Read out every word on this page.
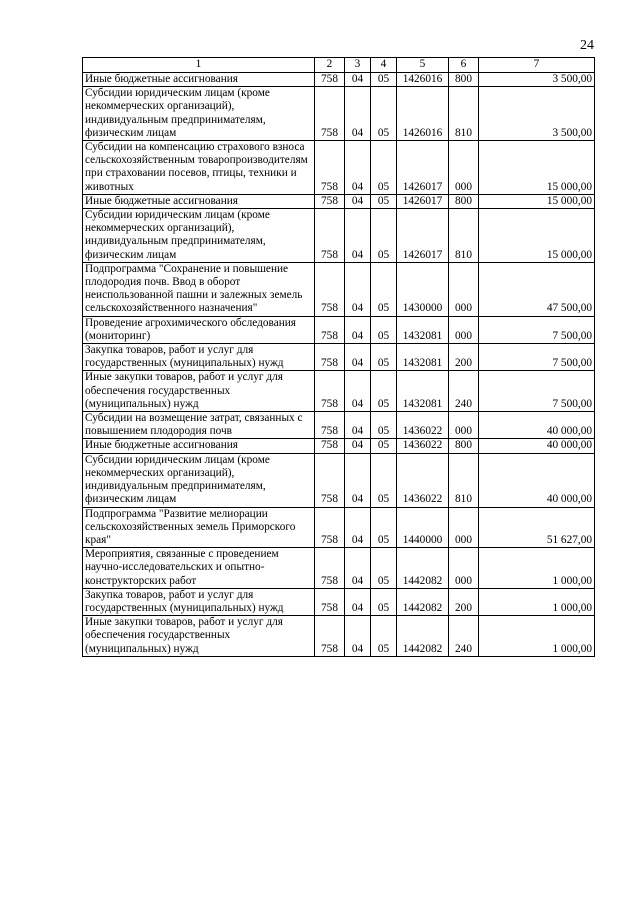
24
1	2	3	4	5	6	7
Иные бюджетные ассигнования	758	04	05	1426016	800	3 500,00
Субсидии юридическим лицам (кроме некоммерческих организаций), индивидуальным предпринимателям, физическим лицам	758	04	05	1426016	810	3 500,00
Субсидии на компенсацию страхового взноса сельскохозяйственным товаропроизводителям при страховании посевов, птицы, техники и животных	758	04	05	1426017	000	15 000,00
Иные бюджетные ассигнования	758	04	05	1426017	800	15 000,00
Субсидии юридическим лицам (кроме некоммерческих организаций), индивидуальным предпринимателям, физическим лицам	758	04	05	1426017	810	15 000,00
Подпрограмма "Сохранение и повышение плодородия почв. Ввод в оборот неиспользованной пашни и залежных земель сельскохозяйственного назначения"	758	04	05	1430000	000	47 500,00
Проведение агрохимического обследования (мониторинг)	758	04	05	1432081	000	7 500,00
Закупка товаров, работ и услуг для государственных (муниципальных) нужд	758	04	05	1432081	200	7 500,00
Иные закупки товаров, работ и услуг для обеспечения государственных (муниципальных) нужд	758	04	05	1432081	240	7 500,00
Субсидии на возмещение затрат, связанных с повышением плодородия почв	758	04	05	1436022	000	40 000,00
Иные бюджетные ассигнования	758	04	05	1436022	800	40 000,00
Субсидии юридическим лицам (кроме некоммерческих организаций), индивидуальным предпринимателям, физическим лицам	758	04	05	1436022	810	40 000,00
Подпрограмма "Развитие мелиорации сельскохозяйственных земель Приморского края"	758	04	05	1440000	000	51 627,00
Мероприятия, связанные с проведением научно-исследовательских и опытно-конструкторских работ	758	04	05	1442082	000	1 000,00
Закупка товаров, работ и услуг для государственных (муниципальных) нужд	758	04	05	1442082	200	1 000,00
Иные закупки товаров, работ и услуг для обеспечения государственных (муниципальных) нужд	758	04	05	1442082	240	1 000,00
